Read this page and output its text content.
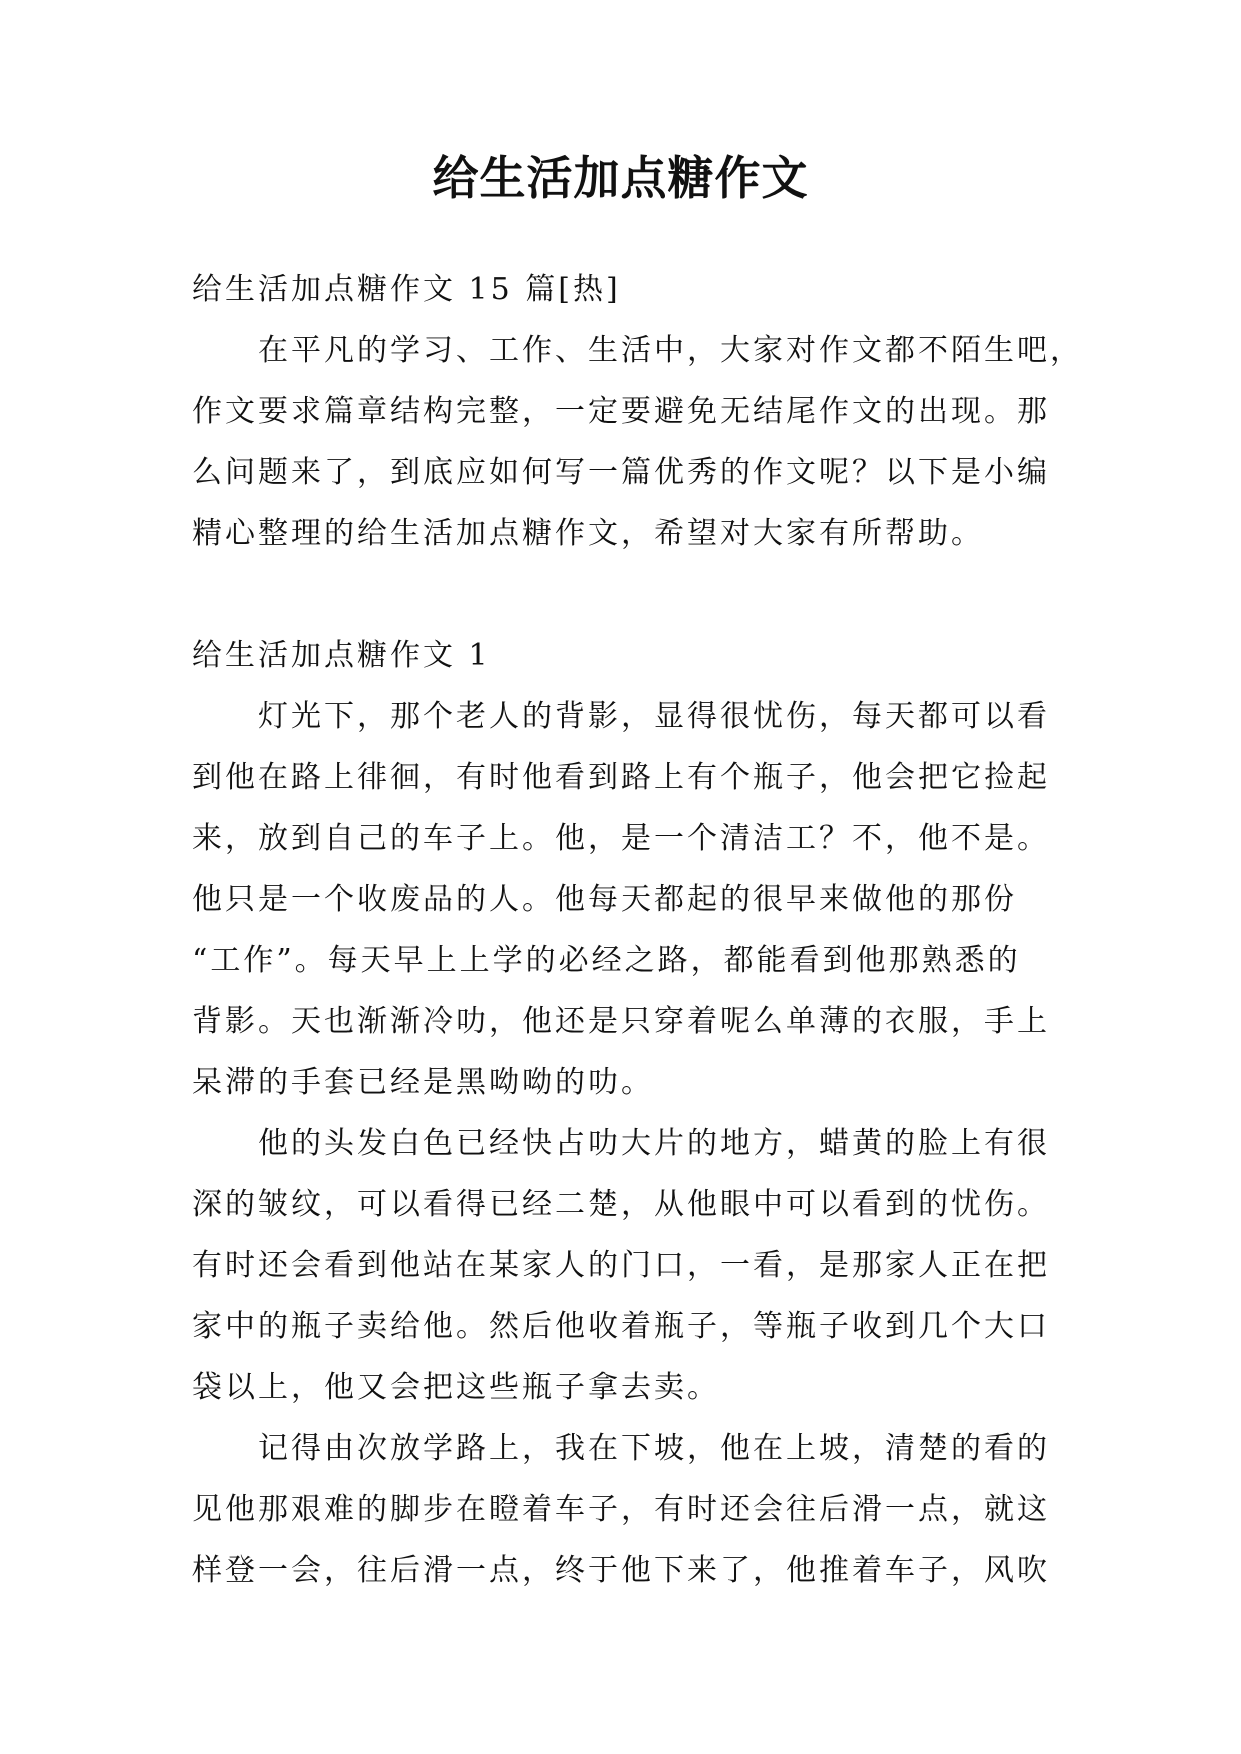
给生活加点糖作文
给生活加点糖作文 15 篇[热]
在平凡的学习、工作、生活中，大家对作文都不陌生吧，
作文要求篇章结构完整，一定要避免无结尾作文的出现。那
么问题来了，到底应如何写一篇优秀的作文呢？以下是小编
精心整理的给生活加点糖作文，希望对大家有所帮助。
给生活加点糖作文 1
灯光下，那个老人的背影，显得很忧伤，每天都可以看
到他在路上徘徊，有时他看到路上有个瓶子，他会把它捡起
来，放到自己的车子上。他，是一个清洁工？不，他不是。
他只是一个收废品的人。他每天都起的很早来做他的那份
“工作”。每天早上上学的必经之路，都能看到他那熟悉的
背影。天也渐渐冷叻，他还是只穿着呢么单薄的衣服，手上
呆滞的手套已经是黑呦呦的叻。
他的头发白色已经快占叻大片的地方，蜡黄的脸上有很
深的皱纹，可以看得已经二楚，从他眼中可以看到的忧伤。
有时还会看到他站在某家人的门口，一看，是那家人正在把
家中的瓶子卖给他。然后他收着瓶子，等瓶子收到几个大口
袋以上，他又会把这些瓶子拿去卖。
记得由次放学路上，我在下坡，他在上坡，清楚的看的
见他那艰难的脚步在瞪着车子，有时还会往后滑一点，就这
样登一会，往后滑一点，终于他下来了，他推着车子，风吹
